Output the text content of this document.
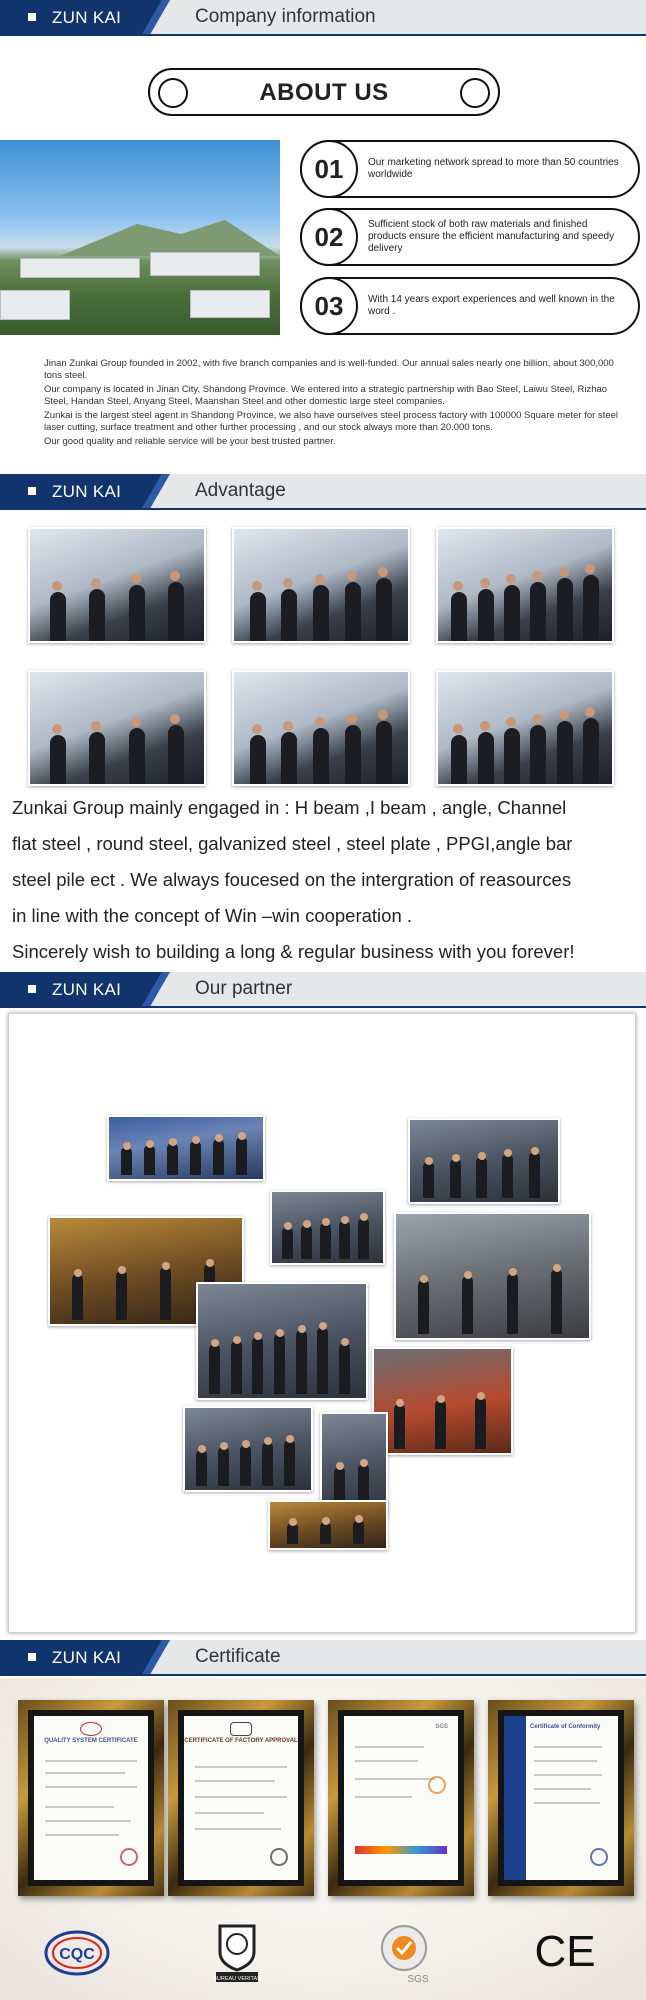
ZUN KAI	Company information
ABOUT US
01	Our marketing network spread to more than 50 countries worldwide
02	Sufficient stock of both raw materials and finished products ensure the efficient manufacturing and speedy delivery
03	With 14 years export experiences and well known in the word .

Jinan Zunkai Group founded in 2002, with five branch companies and is well-funded. Our annual sales nearly one billion, about 300,000 tons steel.

Our company is located in Jinan City, Shandong Province. We entered into a strategic partnership with Bao Steel, Laiwu Steel, Rizhao Steel, Handan Steel, Anyang Steel, Maanshan Steel and other domestic large steel companies.

Zunkai is the largest steel agent in Shandong Province, we also have ourselves steel process factory with 100000 Square meter for steel laser cutting, surface treatment and other further processing , and our stock always more than 20.000 tons.

Our good quality and reliable service will be your best trusted partner.

ZUN KAI	Advantage
Zunkai Group mainly engaged in : H beam ,I beam , angle, Channel
flat steel , round steel, galvanized steel , steel plate , PPGI,angle bar
steel pile ect . We always foucesed on the intergration of reasources
in line with the concept of Win –win cooperation .
Sincerely wish to building a long & regular business with you forever!
ZUN KAI	Our partner
ZUN KAI	Certificate
QUALITY SYSTEM CERTIFICATE	CERTIFICATE OF FACTORY APPROVAL
SGS	Certificate of Conformity
CQC
BUREAU VERITAS	SGS
CE
